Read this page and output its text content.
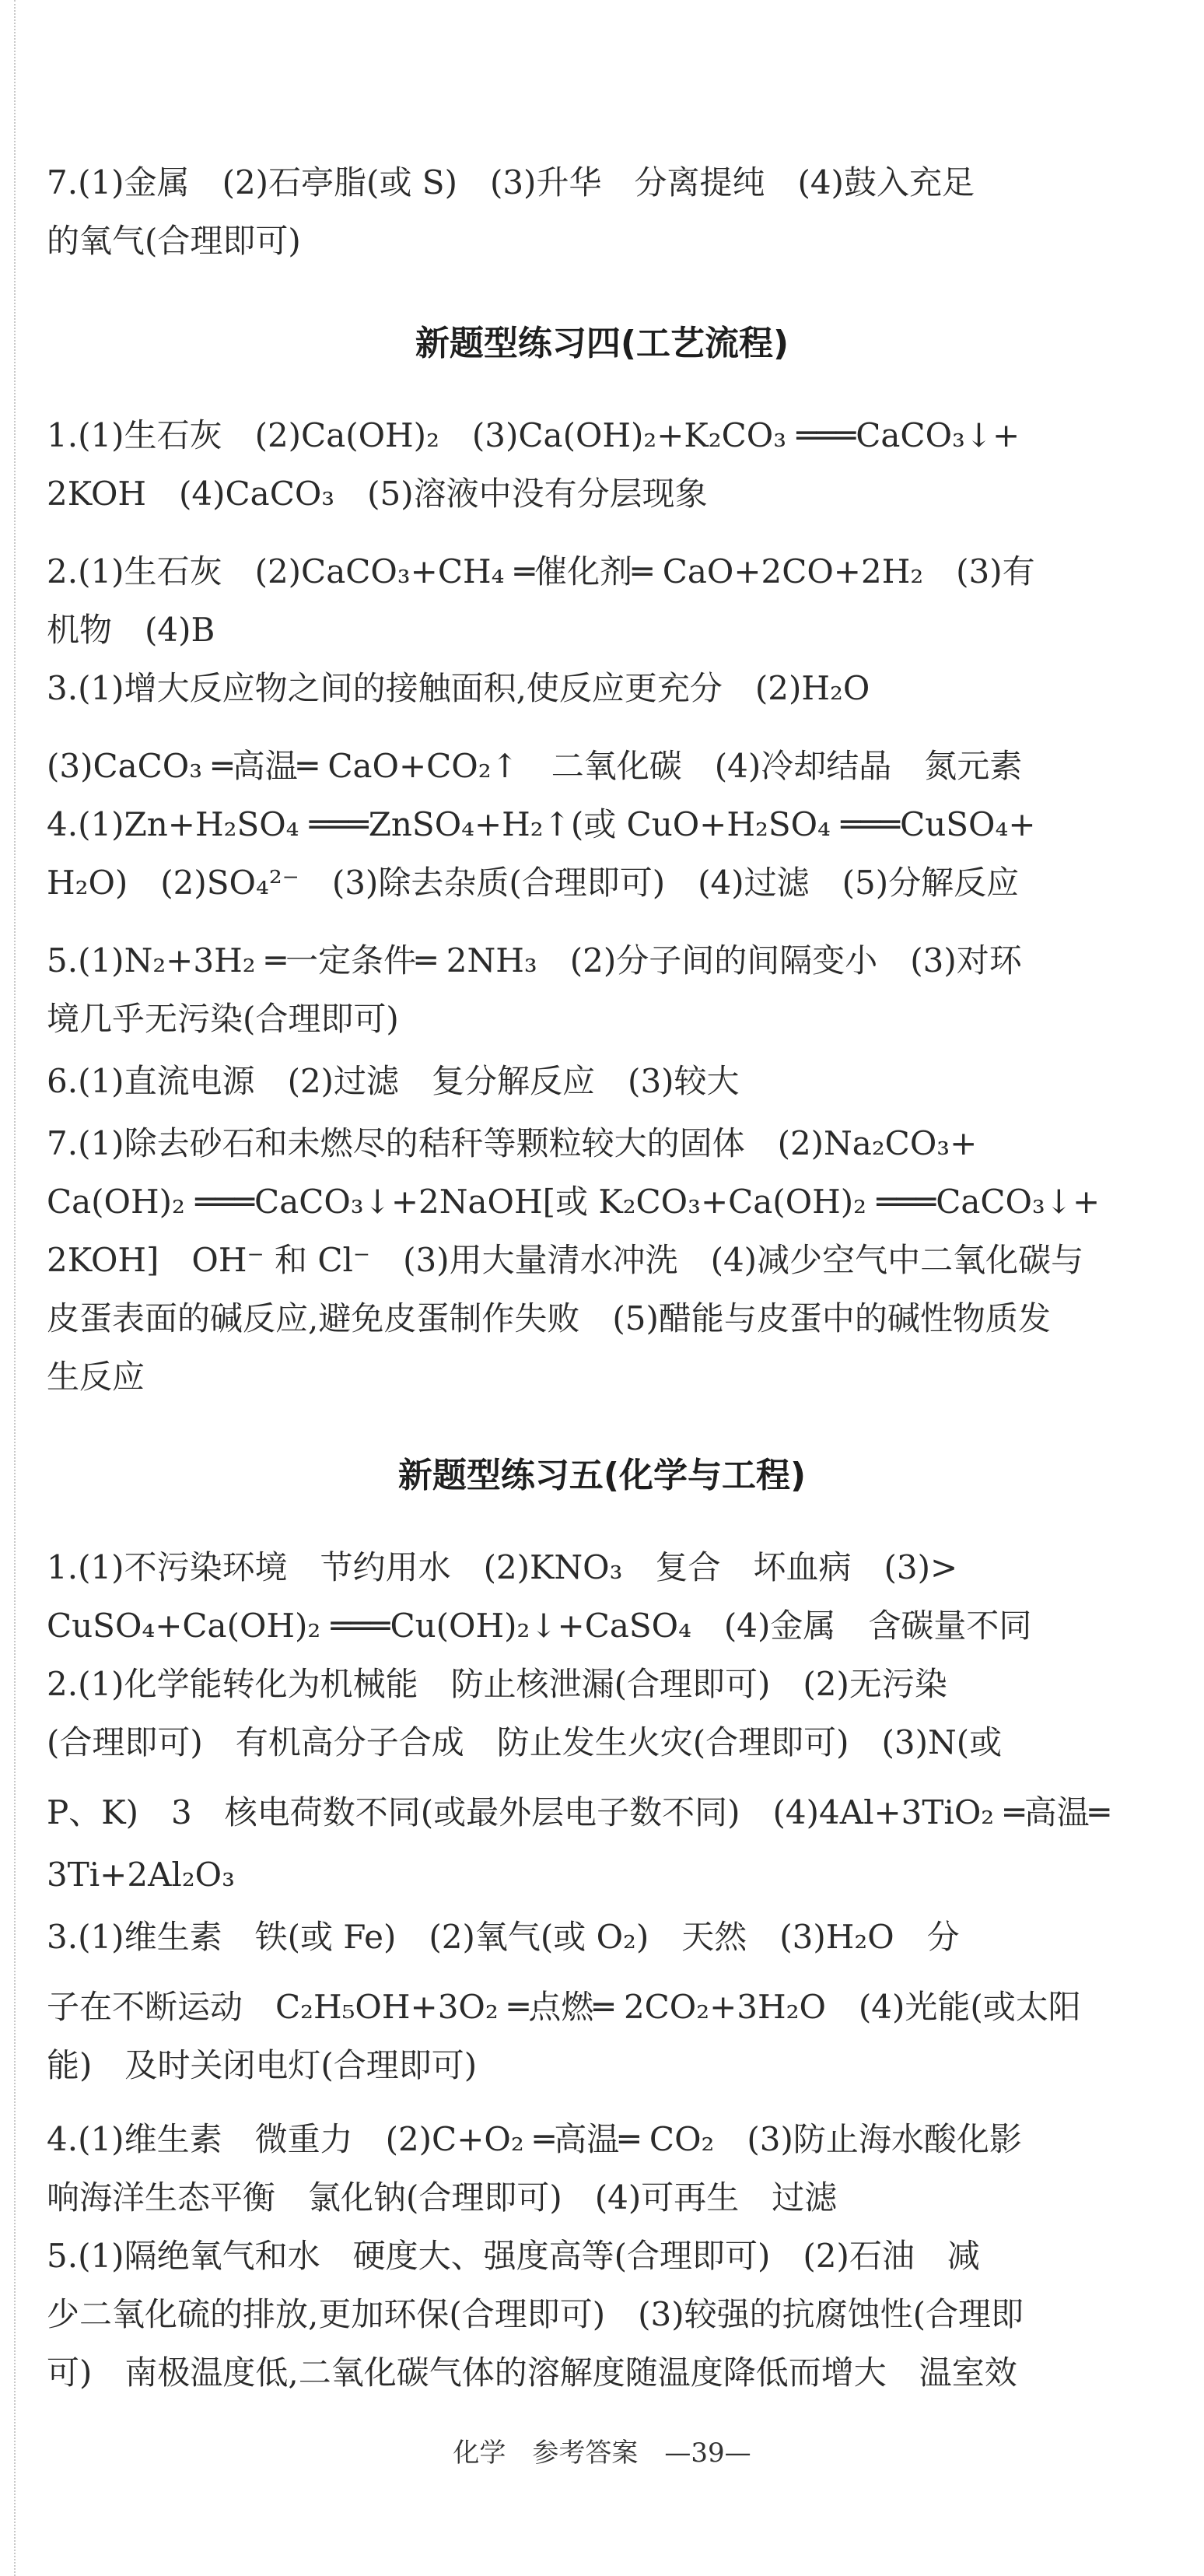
7.(1)金属　(2)石亭脂(或 S)　(3)升华　分离提纯　(4)鼓入充足
的氧气(合理即可)
新题型练习四(工艺流程)
1.(1)生石灰　(2)Ca(OH)₂　(3)Ca(OH)₂+K₂CO₃ ═══CaCO₃↓+
2KOH　(4)CaCO₃　(5)溶液中没有分层现象
2.(1)生石灰　(2)CaCO₃+CH₄ ═催化剂═ CaO+2CO+2H₂　(3)有
机物　(4)B
3.(1)增大反应物之间的接触面积,使反应更充分　(2)H₂O
(3)CaCO₃ ═高温═ CaO+CO₂↑　二氧化碳　(4)冷却结晶　氮元素
4.(1)Zn+H₂SO₄ ═══ZnSO₄+H₂↑(或 CuO+H₂SO₄ ═══CuSO₄+
H₂O)　(2)SO₄²⁻　(3)除去杂质(合理即可)　(4)过滤　(5)分解反应
5.(1)N₂+3H₂ ═一定条件═ 2NH₃　(2)分子间的间隔变小　(3)对环
境几乎无污染(合理即可)
6.(1)直流电源　(2)过滤　复分解反应　(3)较大
7.(1)除去砂石和未燃尽的秸秆等颗粒较大的固体　(2)Na₂CO₃+
Ca(OH)₂ ═══CaCO₃↓+2NaOH[或 K₂CO₃+Ca(OH)₂ ═══CaCO₃↓+
2KOH]　OH⁻ 和 Cl⁻　(3)用大量清水冲洗　(4)减少空气中二氧化碳与
皮蛋表面的碱反应,避免皮蛋制作失败　(5)醋能与皮蛋中的碱性物质发
生反应
新题型练习五(化学与工程)
1.(1)不污染环境　节约用水　(2)KNO₃　复合　坏血病　(3)>
CuSO₄+Ca(OH)₂ ═══Cu(OH)₂↓+CaSO₄　(4)金属　含碳量不同
2.(1)化学能转化为机械能　防止核泄漏(合理即可)　(2)无污染
(合理即可)　有机高分子合成　防止发生火灾(合理即可)　(3)N(或
P、K)　3　核电荷数不同(或最外层电子数不同)　(4)4Al+3TiO₂ ═高温═
3Ti+2Al₂O₃
3.(1)维生素　铁(或 Fe)　(2)氧气(或 O₂)　天然　(3)H₂O　分
子在不断运动　C₂H₅OH+3O₂ ═点燃═ 2CO₂+3H₂O　(4)光能(或太阳
能)　及时关闭电灯(合理即可)
4.(1)维生素　微重力　(2)C+O₂ ═高温═ CO₂　(3)防止海水酸化影
响海洋生态平衡　氯化钠(合理即可)　(4)可再生　过滤
5.(1)隔绝氧气和水　硬度大、强度高等(合理即可)　(2)石油　减
少二氧化硫的排放,更加环保(合理即可)　(3)较强的抗腐蚀性(合理即
可)　南极温度低,二氧化碳气体的溶解度随温度降低而增大　温室效
化学　参考答案　—39—
